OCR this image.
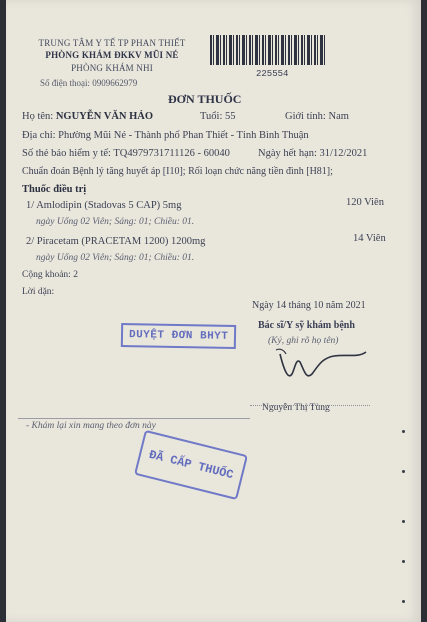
TRUNG TÂM Y TẾ TP PHAN THIẾT
PHÒNG KHÁM ĐKKV MŨI NÉ
PHÒNG KHÁM NHI
Số điện thoại: 0909662979
225554
ĐƠN THUỐC
Họ tên: NGUYỄN VĂN HẢO	Tuổi: 55	Giới tính: Nam
Địa chỉ: Phường Mũi Né - Thành phố Phan Thiết - Tỉnh Bình Thuận
Số thẻ bảo hiểm y tế: TQ4979731711126 - 60040	Ngày hết hạn: 31/12/2021
Chuẩn đoán Bệnh lý tăng huyết áp [I10]; Rối loạn chức năng tiền đình [H81];
Thuốc điều trị
1/ Amlodipin (Stadovas 5 CAP) 5mg	120 Viên
ngày Uống 02 Viên; Sáng: 01; Chiều: 01.
2/ Piracetam (PRACETAM 1200) 1200mg	14 Viên
ngày Uống 02 Viên; Sáng: 01; Chiều: 01.
Cộng khoản: 2
Lời dặn:
Ngày 14 tháng 10 năm 2021
Bác sĩ/Y sỹ khám bệnh
(Ký, ghi rõ họ tên)
Nguyễn Thị Tùng
DUYỆT ĐƠN BHYT
ĐÃ CẤP THUỐC
- Khám lại xin mang theo đơn này
